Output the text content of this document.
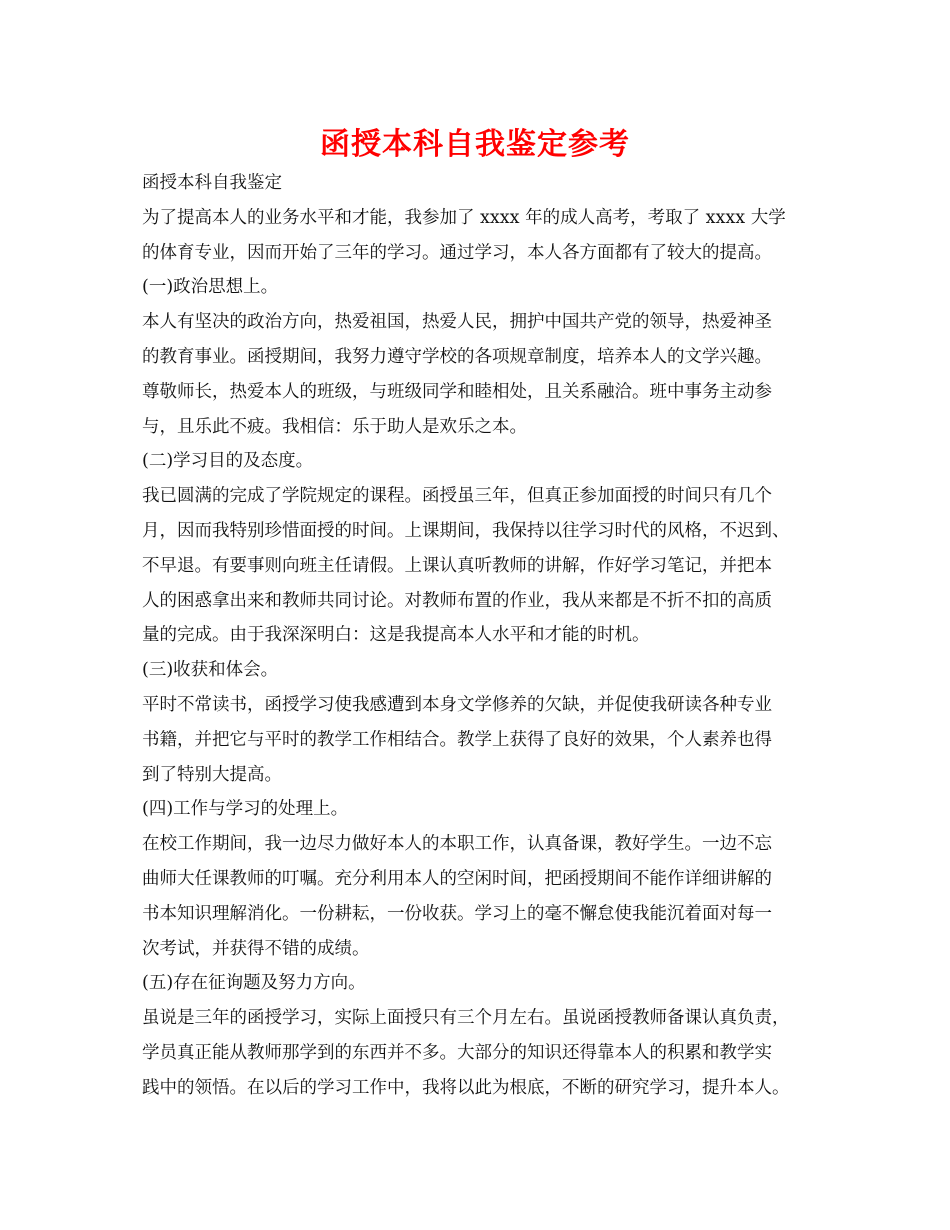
函授本科自我鉴定参考
函授本科自我鉴定
为了提高本人的业务水平和才能，我参加了 xxxx 年的成人高考，考取了 xxxx 大学
的体育专业，因而开始了三年的学习。通过学习，本人各方面都有了较大的提高。
(一)政治思想上。
本人有坚决的政治方向，热爱祖国，热爱人民，拥护中国共产党的领导，热爱神圣
的教育事业。函授期间，我努力遵守学校的各项规章制度，培养本人的文学兴趣。
尊敬师长，热爱本人的班级，与班级同学和睦相处，且关系融洽。班中事务主动参
与，且乐此不疲。我相信：乐于助人是欢乐之本。
(二)学习目的及态度。
我已圆满的完成了学院规定的课程。函授虽三年，但真正参加面授的时间只有几个
月，因而我特别珍惜面授的时间。上课期间，我保持以往学习时代的风格，不迟到、
不早退。有要事则向班主任请假。上课认真听教师的讲解，作好学习笔记，并把本
人的困惑拿出来和教师共同讨论。对教师布置的作业，我从来都是不折不扣的高质
量的完成。由于我深深明白：这是我提高本人水平和才能的时机。
(三)收获和体会。
平时不常读书，函授学习使我感遭到本身文学修养的欠缺，并促使我研读各种专业
书籍，并把它与平时的教学工作相结合。教学上获得了良好的效果，个人素养也得
到了特别大提高。
(四)工作与学习的处理上。
在校工作期间，我一边尽力做好本人的本职工作，认真备课，教好学生。一边不忘
曲师大任课教师的叮嘱。充分利用本人的空闲时间，把函授期间不能作详细讲解的
书本知识理解消化。一份耕耘，一份收获。学习上的毫不懈怠使我能沉着面对每一
次考试，并获得不错的成绩。
(五)存在征询题及努力方向。
虽说是三年的函授学习，实际上面授只有三个月左右。虽说函授教师备课认真负责，
学员真正能从教师那学到的东西并不多。大部分的知识还得靠本人的积累和教学实
践中的领悟。在以后的学习工作中，我将以此为根底，不断的研究学习，提升本人。
